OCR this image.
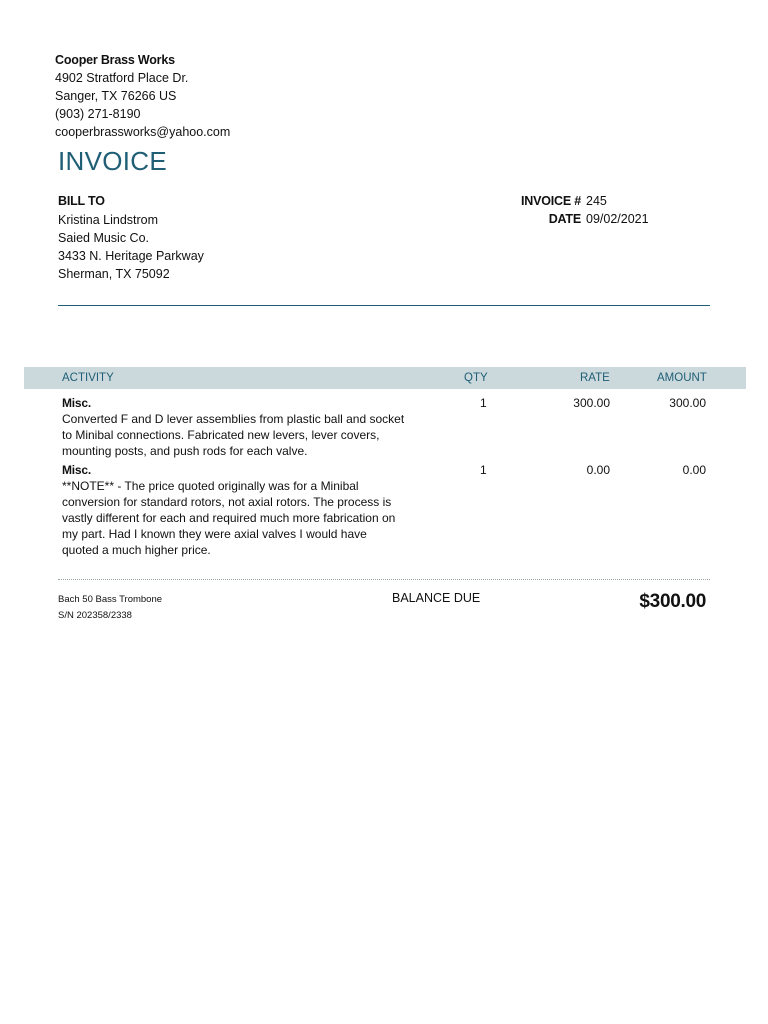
Cooper Brass Works
4902 Stratford Place Dr.
Sanger, TX 76266 US
(903) 271-8190
cooperbrassworks@yahoo.com
INVOICE
BILL TO
Kristina Lindstrom
Saied Music Co.
3433 N. Heritage Parkway
Sherman, TX 75092
INVOICE # 245
DATE 09/02/2021
ACTIVITY	QTY	RATE	AMOUNT
Misc.
Converted F and D lever assemblies from plastic ball and socket
to Minibal connections. Fabricated new levers, lever covers,
mounting posts, and push rods for each valve.
1	300.00	300.00
Misc.
**NOTE** - The price quoted originally was for a Minibal
conversion for standard rotors, not axial rotors. The process is
vastly different for each and required much more fabrication on
my part. Had I known they were axial valves I would have
quoted a much higher price.
1	0.00	0.00
Bach 50 Bass Trombone
S/N 202358/2338
BALANCE DUE	$300.00
